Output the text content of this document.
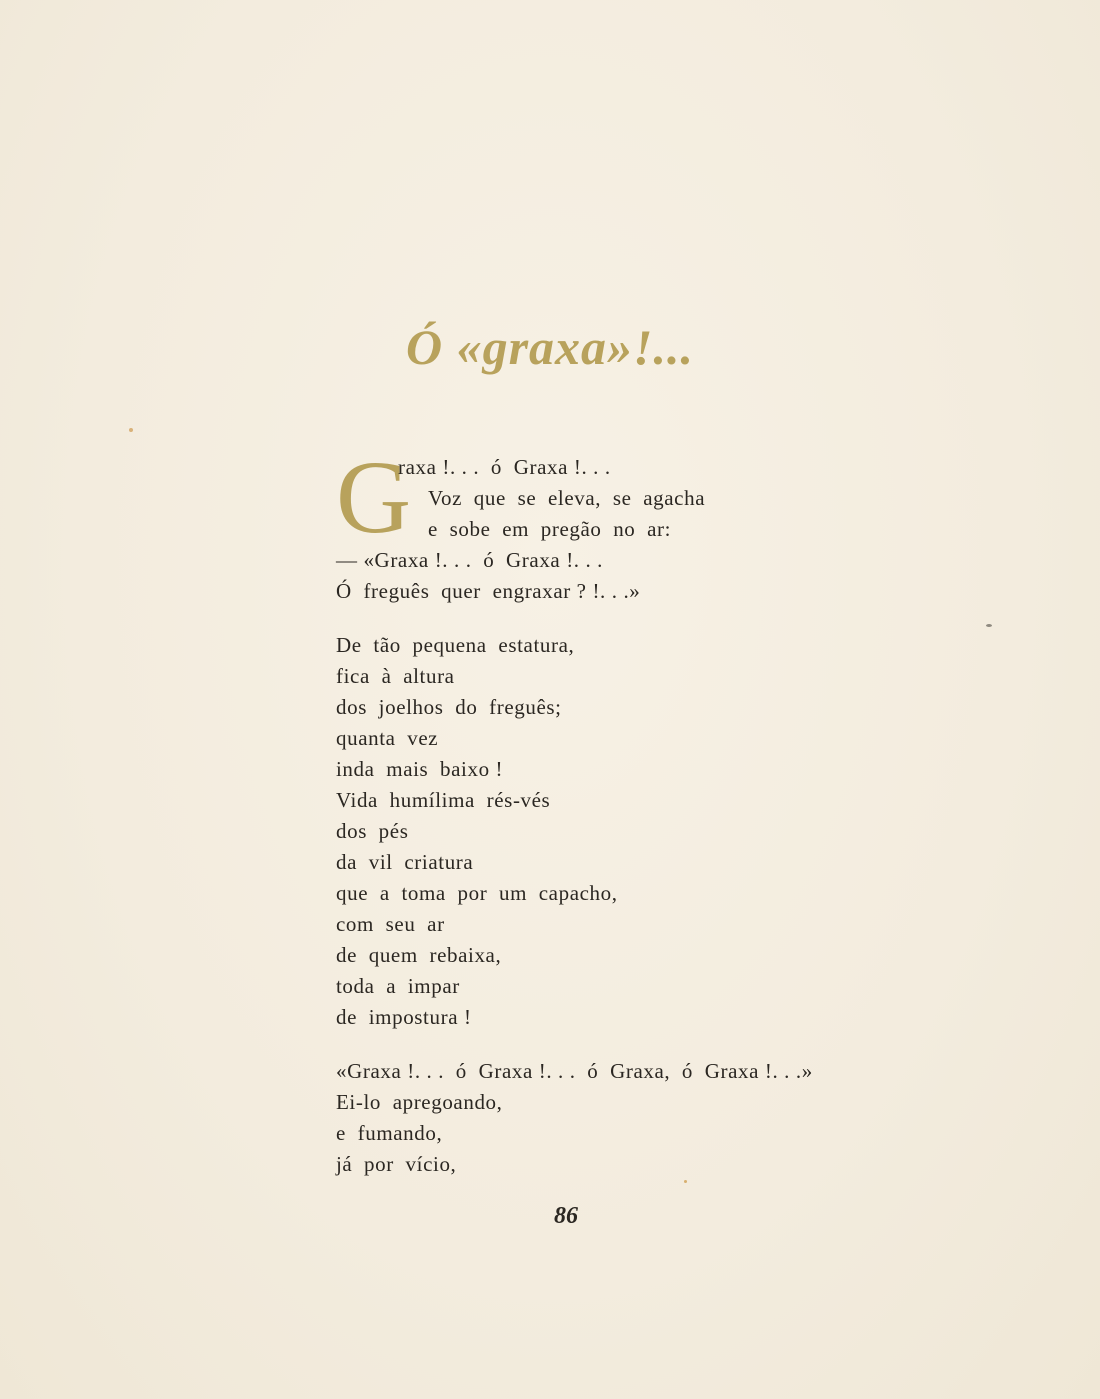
Ó «graxa»!...
G
raxa !. . .  ó  Graxa !. . .
Voz  que  se  eleva,  se  agacha
e  sobe  em  pregão  no  ar:
— «Graxa !. . .  ó  Graxa !. . .
Ó  freguês  quer  engraxar ? !. . .»
De  tão  pequena  estatura,
fica  à  altura
dos  joelhos  do  freguês;
quanta  vez
inda  mais  baixo !
Vida  humílima  rés-vés
dos  pés
da  vil  criatura
que  a  toma  por  um  capacho,
com  seu  ar
de  quem  rebaixa,
toda  a  impar
de  impostura !
«Graxa !. . .  ó  Graxa !. . .  ó  Graxa,  ó  Graxa !. . .»
Ei-lo  apregoando,
e  fumando,
já  por  vício,
86
